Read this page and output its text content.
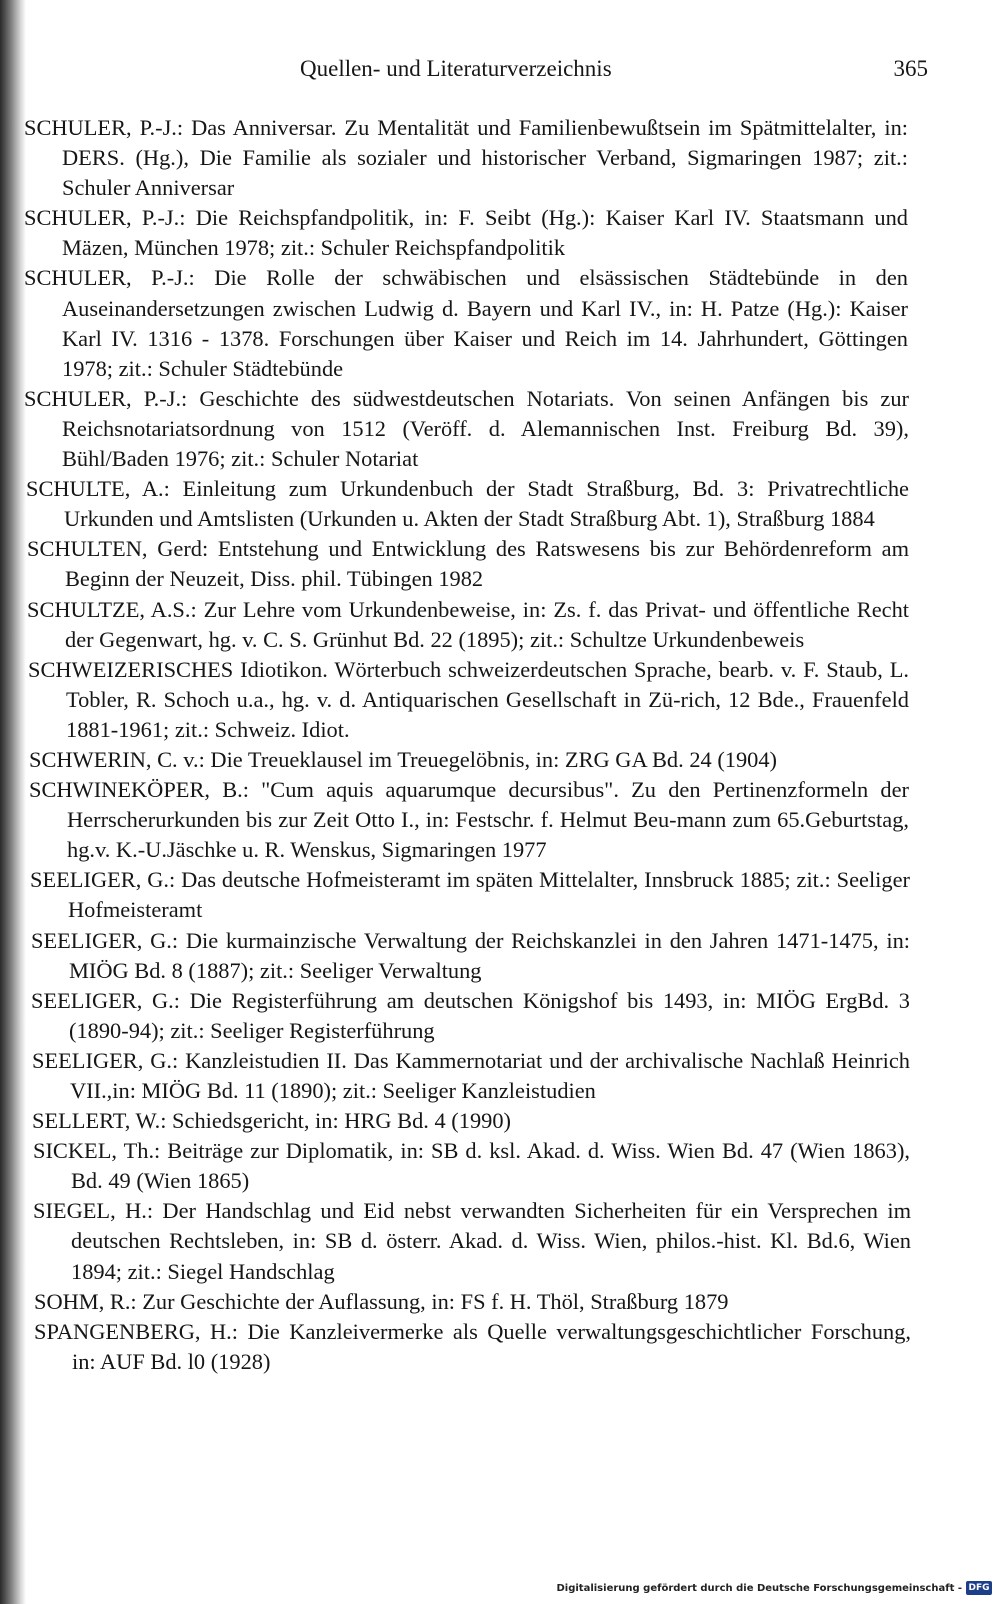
Quellen- und Literaturverzeichnis	365

SCHULER, P.-J.: Das Anniversar. Zu Mentalität und Familienbewußtsein im Spätmittelalter, in: DERS. (Hg.), Die Familie als sozialer und historischer Verband, Sigmaringen 1987; zit.: Schuler Anniversar

SCHULER, P.-J.: Die Reichspfandpolitik, in: F. Seibt (Hg.): Kaiser Karl IV. Staatsmann und Mäzen, München 1978; zit.: Schuler Reichspfandpolitik

SCHULER, P.-J.: Die Rolle der schwäbischen und elsässischen Städtebünde in den Auseinandersetzungen zwischen Ludwig d. Bayern und Karl IV., in: H. Patze (Hg.): Kaiser Karl IV. 1316 - 1378. Forschungen über Kaiser und Reich im 14. Jahrhundert, Göttingen 1978; zit.: Schuler Städtebünde

SCHULER, P.-J.: Geschichte des südwestdeutschen Notariats. Von seinen Anfängen bis zur Reichsnotariatsordnung von 1512 (Veröff. d. Alemannischen Inst. Freiburg Bd. 39), Bühl/Baden 1976; zit.: Schuler Notariat

SCHULTE, A.: Einleitung zum Urkundenbuch der Stadt Straßburg, Bd. 3: Privatrechtliche Urkunden und Amtslisten (Urkunden u. Akten der Stadt Straßburg Abt. 1), Straßburg 1884

SCHULTEN, Gerd: Entstehung und Entwicklung des Ratswesens bis zur Behördenreform am Beginn der Neuzeit, Diss. phil. Tübingen 1982

SCHULTZE, A.S.: Zur Lehre vom Urkundenbeweise, in: Zs. f. das Privat- und öffentliche Recht der Gegenwart, hg. v. C. S. Grünhut Bd. 22 (1895); zit.: Schultze Urkundenbeweis

SCHWEIZERISCHES Idiotikon. Wörterbuch schweizerdeutschen Sprache, bearb. v. F. Staub, L. Tobler, R. Schoch u.a., hg. v. d. Antiquarischen Gesellschaft in Zü-rich, 12 Bde., Frauenfeld 1881-1961; zit.: Schweiz. Idiot.

SCHWERIN, C. v.: Die Treueklausel im Treuegelöbnis, in: ZRG GA Bd. 24 (1904)

SCHWINEKÖPER, B.: "Cum aquis aquarumque decursibus". Zu den Pertinenzformeln der Herrscherurkunden bis zur Zeit Otto I., in: Festschr. f. Helmut Beu-mann zum 65.Geburtstag, hg.v. K.-U.Jäschke u. R. Wenskus, Sigmaringen 1977

SEELIGER, G.: Das deutsche Hofmeisteramt im späten Mittelalter, Innsbruck 1885; zit.: Seeliger Hofmeisteramt

SEELIGER, G.: Die kurmainzische Verwaltung der Reichskanzlei in den Jahren 1471-1475, in: MIÖG Bd. 8 (1887); zit.: Seeliger Verwaltung

SEELIGER, G.: Die Registerführung am deutschen Königshof bis 1493, in: MIÖG ErgBd. 3 (1890-94); zit.: Seeliger Registerführung

SEELIGER, G.: Kanzleistudien II. Das Kammernotariat und der archivalische Nachlaß Heinrich VII.,in: MIÖG Bd. 11 (1890); zit.: Seeliger Kanzleistudien

SELLERT, W.: Schiedsgericht, in: HRG Bd. 4 (1990)

SICKEL, Th.: Beiträge zur Diplomatik, in: SB d. ksl. Akad. d. Wiss. Wien Bd. 47 (Wien 1863), Bd. 49 (Wien 1865)

SIEGEL, H.: Der Handschlag und Eid nebst verwandten Sicherheiten für ein Versprechen im deutschen Rechtsleben, in: SB d. österr. Akad. d. Wiss. Wien, philos.-hist. Kl. Bd.6, Wien 1894; zit.: Siegel Handschlag

SOHM, R.: Zur Geschichte der Auflassung, in: FS f. H. Thöl, Straßburg 1879

SPANGENBERG, H.: Die Kanzleivermerke als Quelle verwaltungsgeschichtlicher Forschung, in: AUF Bd. l0 (1928)

Digitalisierung gefördert durch die Deutsche Forschungsgemeinschaft - DFG
